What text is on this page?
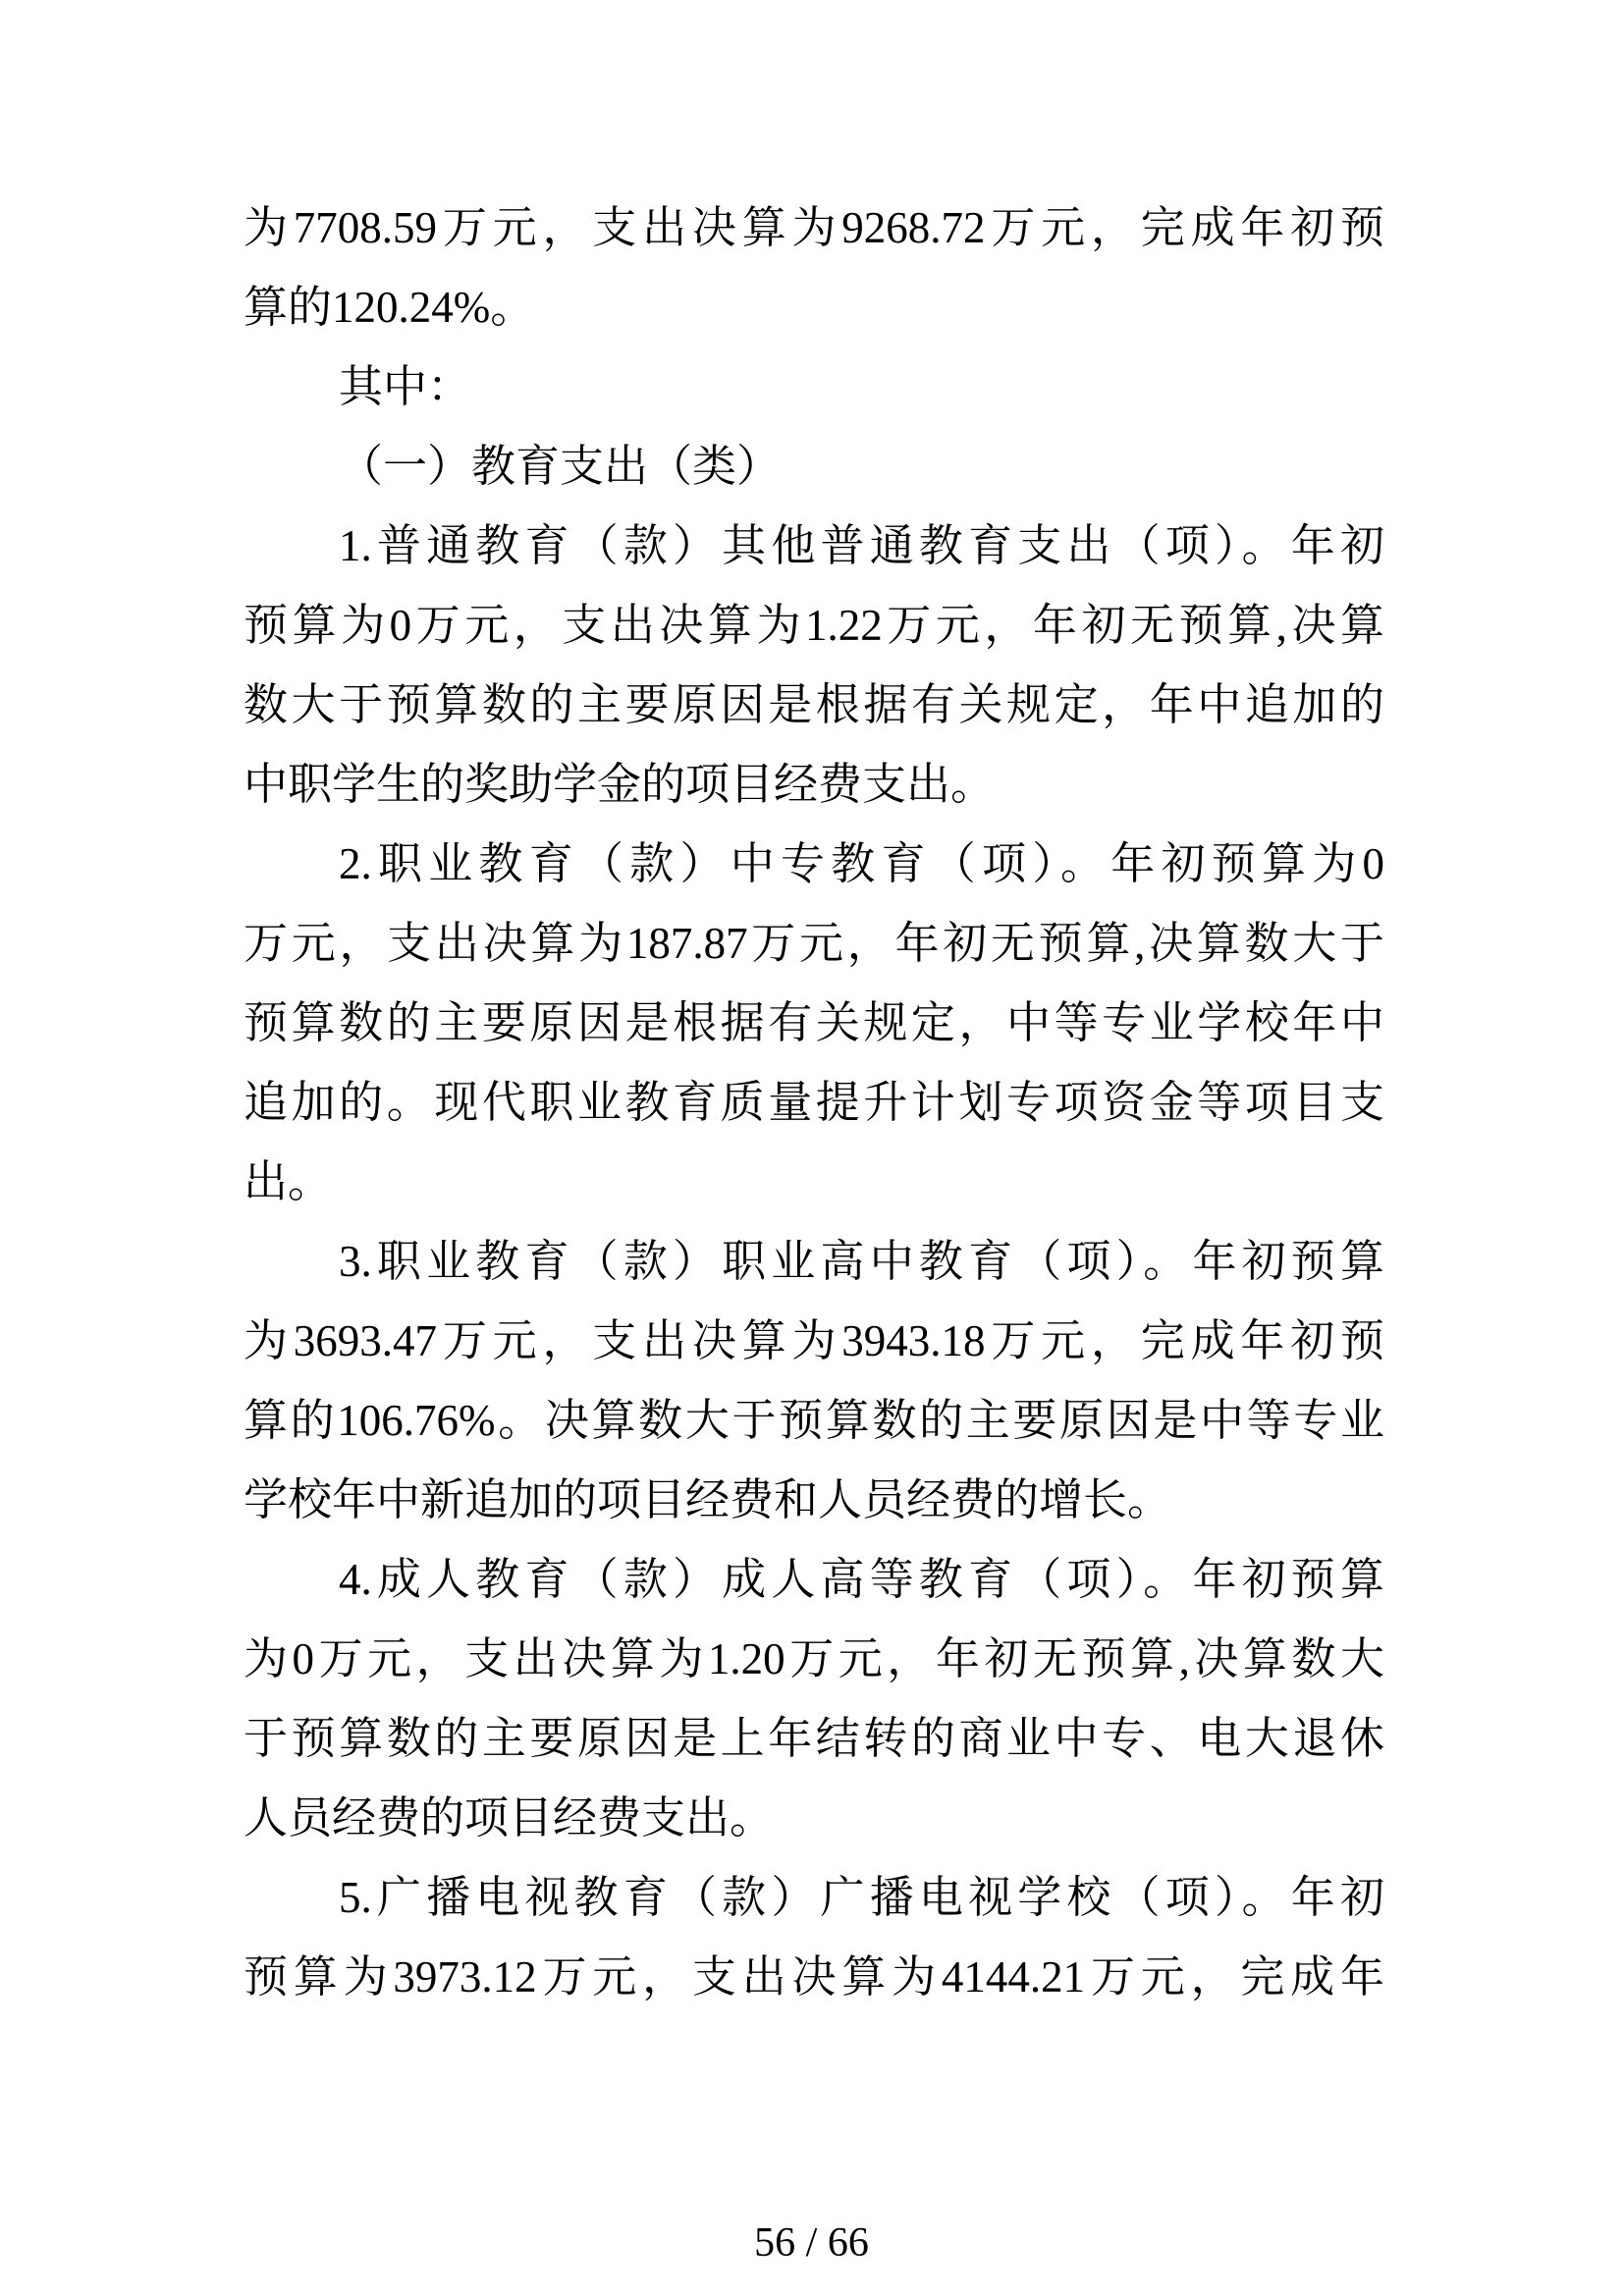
为7708.59万元，支出决算为9268.72万元，完成年初预
算的120.24%。
其中：
（一）教育支出（类）
1.普通教育（款）其他普通教育支出（项）。年初
预算为0万元，支出决算为1.22万元，年初无预算,决算
数大于预算数的主要原因是根据有关规定，年中追加的
中职学生的奖助学金的项目经费支出。
2.职业教育（款）中专教育（项）。年初预算为0
万元，支出决算为187.87万元，年初无预算,决算数大于
预算数的主要原因是根据有关规定，中等专业学校年中
追加的。现代职业教育质量提升计划专项资金等项目支
出。
3.职业教育（款）职业高中教育（项）。年初预算
为3693.47万元，支出决算为3943.18万元，完成年初预
算的106.76%。决算数大于预算数的主要原因是中等专业
学校年中新追加的项目经费和人员经费的增长。
4.成人教育（款）成人高等教育（项）。年初预算
为0万元，支出决算为1.20万元，年初无预算,决算数大
于预算数的主要原因是上年结转的商业中专、电大退休
人员经费的项目经费支出。
5.广播电视教育（款）广播电视学校（项）。年初
预算为3973.12万元，支出决算为4144.21万元，完成年
56 / 66
